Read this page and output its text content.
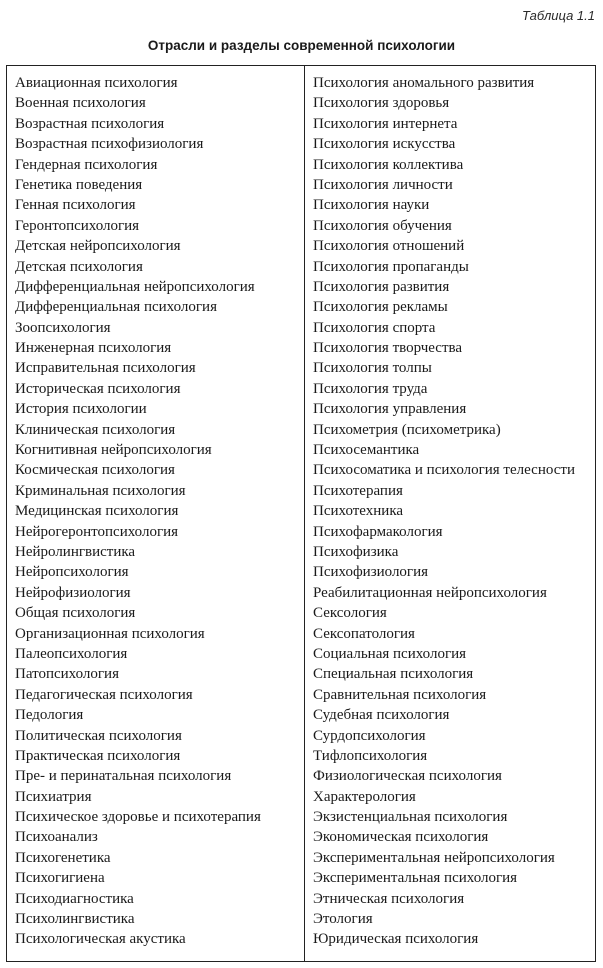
Таблица 1.1
Отрасли и разделы современной психологии
Авиационная психология
Военная психология
Возрастная психология
Возрастная психофизиология
Гендерная психология
Генетика поведения
Генная психология
Геронтопсихология
Детская нейропсихология
Детская психология
Дифференциальная нейропсихология
Дифференциальная психология
Зоопсихология
Инженерная психология
Исправительная психология
Историческая психология
История психологии
Клиническая психология
Когнитивная нейропсихология
Космическая психология
Криминальная психология
Медицинская психология
Нейрогеронтопсихология
Нейролингвистика
Нейропсихология
Нейрофизиология
Общая психология
Организационная психология
Палеопсихология
Патопсихология
Педагогическая психология
Педология
Политическая психология
Практическая психология
Пре- и перинатальная психология
Психиатрия
Психическое здоровье и психотерапия
Психоанализ
Психогенетика
Психогигиена
Психодиагностика
Психолингвистика
Психологическая акустика
Психология аномального развития
Психология здоровья
Психология интернета
Психология искусства
Психология коллектива
Психология личности
Психология науки
Психология обучения
Психология отношений
Психология пропаганды
Психология развития
Психология рекламы
Психология спорта
Психология творчества
Психология толпы
Психология труда
Психология управления
Психометрия (психометрика)
Психосемантика
Психосоматика и психология телесности
Психотерапия
Психотехника
Психофармакология
Психофизика
Психофизиология
Реабилитационная нейропсихология
Сексология
Сексопатология
Социальная психология
Специальная психология
Сравнительная психология
Судебная психология
Сурдопсихология
Тифлопсихология
Физиологическая психология
Характерология
Экзистенциальная психология
Экономическая психология
Экспериментальная нейропсихология
Экспериментальная психология
Этническая психология
Этология
Юридическая психология
